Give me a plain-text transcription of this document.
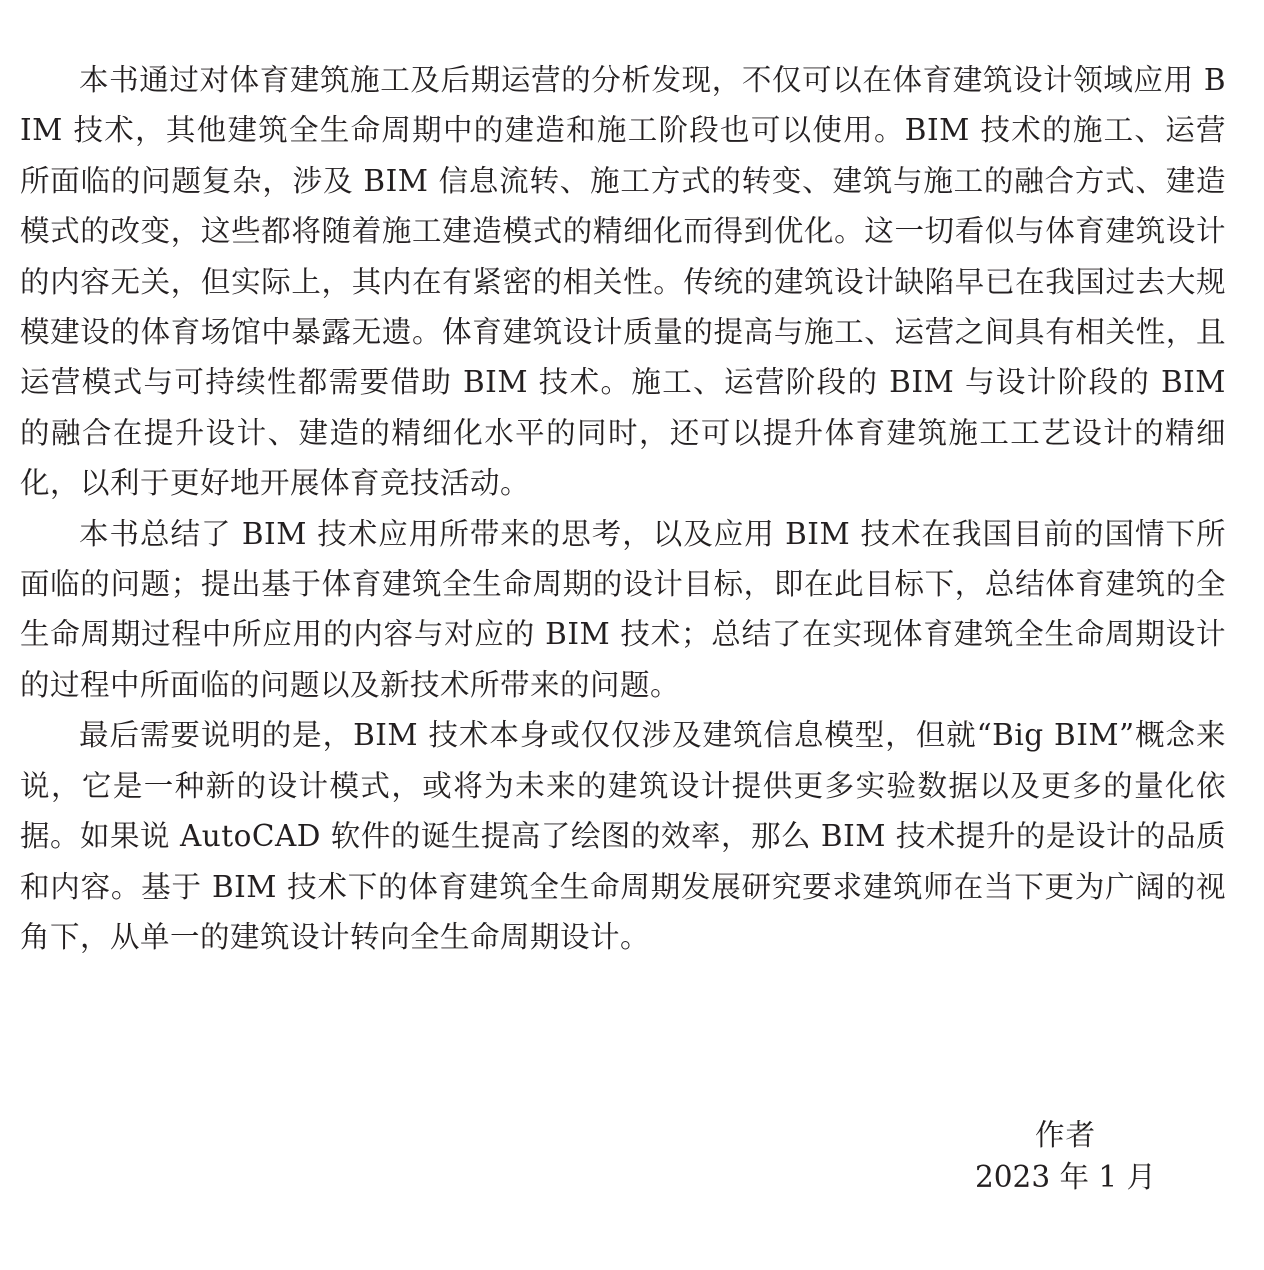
本书通过对体育建筑施工及后期运营的分析发现，不仅可以在体育建筑设计领域应用 BIM 技术，其他建筑全生命周期中的建造和施工阶段也可以使用。BIM 技术的施工、运营所面临的问题复杂，涉及 BIM 信息流转、施工方式的转变、建筑与施工的融合方式、建造模式的改变，这些都将随着施工建造模式的精细化而得到优化。这一切看似与体育建筑设计的内容无关，但实际上，其内在有紧密的相关性。传统的建筑设计缺陷早已在我国过去大规模建设的体育场馆中暴露无遗。体育建筑设计质量的提高与施工、运营之间具有相关性，且运营模式与可持续性都需要借助 BIM 技术。施工、运营阶段的 BIM 与设计阶段的 BIM 的融合在提升设计、建造的精细化水平的同时，还可以提升体育建筑施工工艺设计的精细化，以利于更好地开展体育竞技活动。

本书总结了 BIM 技术应用所带来的思考，以及应用 BIM 技术在我国目前的国情下所面临的问题；提出基于体育建筑全生命周期的设计目标，即在此目标下，总结体育建筑的全生命周期过程中所应用的内容与对应的 BIM 技术；总结了在实现体育建筑全生命周期设计的过程中所面临的问题以及新技术所带来的问题。

最后需要说明的是，BIM 技术本身或仅仅涉及建筑信息模型，但就“Big BIM”概念来说，它是一种新的设计模式，或将为未来的建筑设计提供更多实验数据以及更多的量化依据。如果说 AutoCAD 软件的诞生提高了绘图的效率，那么 BIM 技术提升的是设计的品质和内容。基于 BIM 技术下的体育建筑全生命周期发展研究要求建筑师在当下更为广阔的视角下，从单一的建筑设计转向全生命周期设计。

作者
2023 年 1 月
